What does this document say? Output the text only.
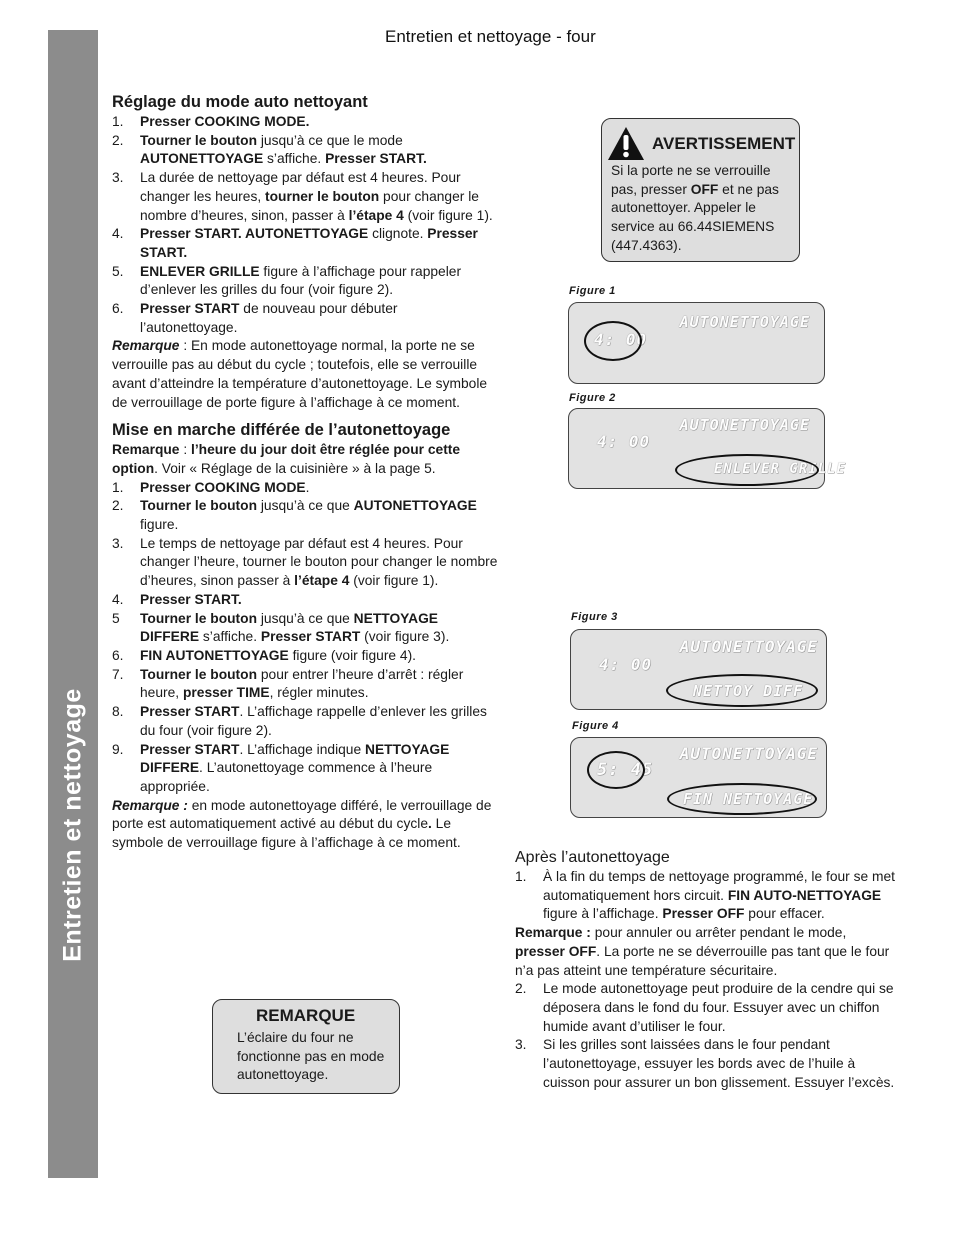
Entretien et nettoyage
Entretien et nettoyage - four
Réglage du mode auto nettoyant
1. Presser COOKING MODE.
2. Tourner le bouton jusqu’à ce que le mode AUTONETTOYAGE s’affiche. Presser START.
3. La durée de nettoyage par défaut est 4 heures. Pour changer les heures, tourner le bouton pour changer le nombre d’heures, sinon, passer à l’étape 4 (voir figure 1).
4. Presser START. AUTONETTOYAGE clignote. Presser START.
5. ENLEVER GRILLE figure à l’affichage pour rappeler d’enlever les grilles du four (voir figure 2).
6. Presser START de nouveau pour débuter l’autonettoyage.

Remarque : En mode autonettoyage normal, la porte ne se verrouille pas au début du cycle ; toutefois, elle se verrouille avant d’atteindre la température d’autonettoyage. Le symbole de verrouillage de porte figure à l’affichage à ce moment.

Mise en marche différée de l’autonettoyage

Remarque : l’heure du jour doit être réglée pour cette option. Voir « Réglage de la cuisinière » à la page 5.

1. Presser COOKING MODE.
2. Tourner le bouton jusqu’à ce que AUTONETTOYAGE figure.
3. Le temps de nettoyage par défaut est 4 heures. Pour changer l’heure, tourner le bouton pour changer le nombre d’heures, sinon passer à l’étape 4 (voir figure 1).
4. Presser START.
5 Tourner le bouton jusqu’à ce que NETTOYAGE DIFFERE s’affiche. Presser START (voir figure 3).
6. FIN AUTONETTOYAGE figure (voir figure 4).
7. Tourner le bouton pour entrer l’heure d’arrêt : régler heure, presser TIME, régler minutes.
8. Presser START. L’affichage rappelle d’enlever les grilles du four (voir figure 2).
9. Presser START. L’affichage indique NETTOYAGE DIFFERE. L’autonettoyage commence à l’heure appropriée.

Remarque : en mode autonettoyage différé, le verrouillage de porte est automatiquement activé au début du cycle. Le symbole de verrouillage figure à l’affichage à ce moment.

AVERTISSEMENT
Si la porte ne se verrouille pas, presser OFF et ne pas autonettoyer. Appeler le service au 66.44SIEMENS (447.4363).
Figure 1
AUTONETTOYAGE
4: 00
Figure 2
AUTONETTOYAGE
4: 00
ENLEVER GRILLE
Figure 3
AUTONETTOYAGE
4: 00
NETTOY DIFF
Figure 4
AUTONETTOYAGE
5: 45
FIN NETTOYAGE
REMARQUE
L’éclaire du four ne fonctionne pas en mode autonettoyage.
Après l’autonettoyage
1. À la fin du temps de nettoyage programmé, le four se met automatiquement hors circuit. FIN AUTO-NETTOYAGE figure à l’affichage. Presser OFF pour effacer.

Remarque : pour annuler ou arrêter pendant le mode, presser OFF. La porte ne se déverrouille pas tant que le four n’a pas atteint une température sécuritaire.

2. Le mode autonettoyage peut produire de la cendre qui se déposera dans le fond du four. Essuyer avec un chiffon humide avant d’utiliser le four.
3. Si les grilles sont laissées dans le four pendant l’autonettoyage, essuyer les bords avec de l’huile à cuisson pour assurer un bon glissement. Essuyer l’excès.
